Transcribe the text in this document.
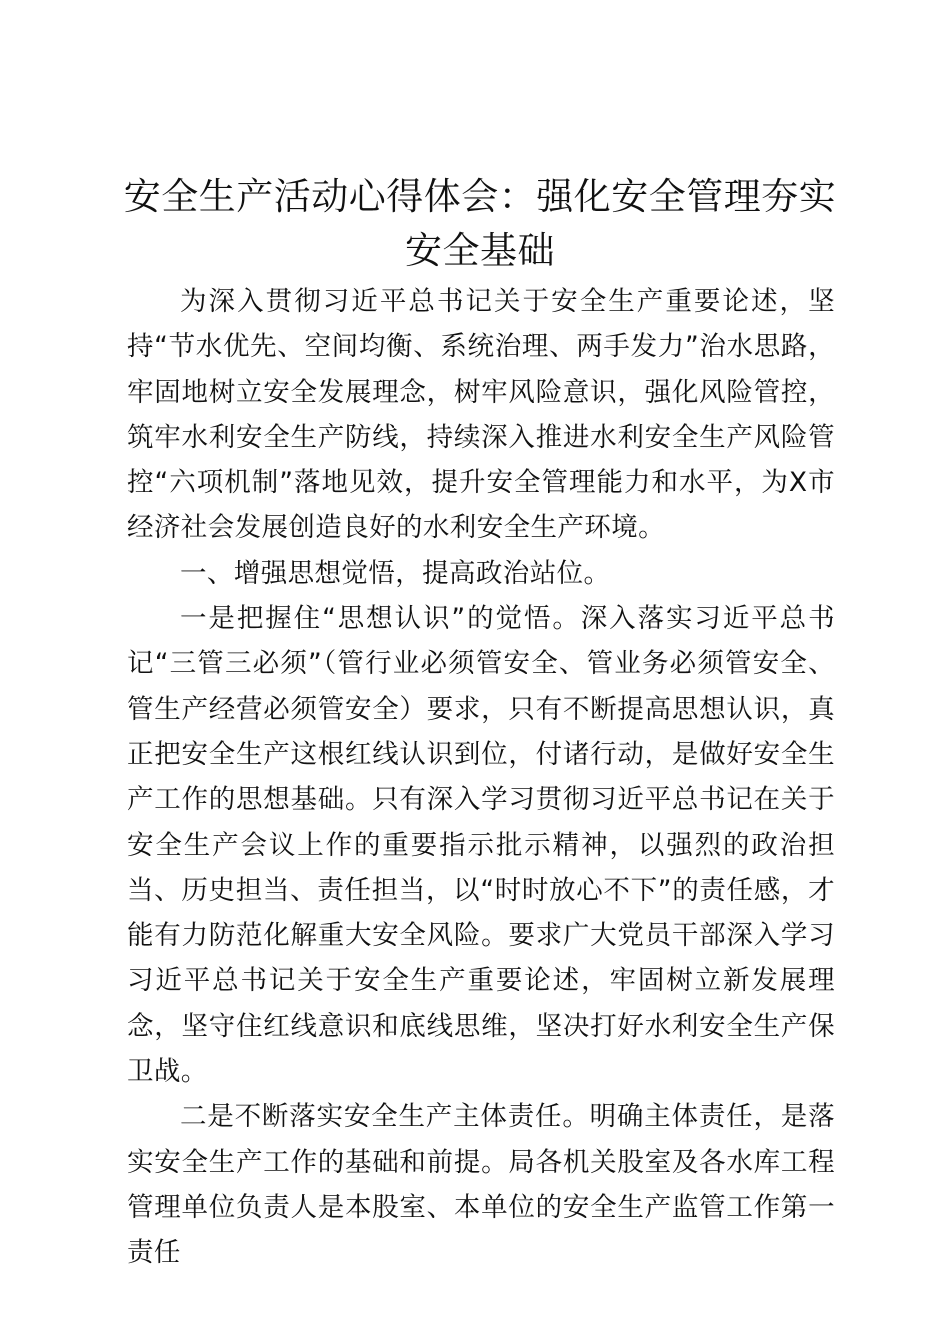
安全生产活动心得体会：强化安全管理夯实安全基础

为深入贯彻习近平总书记关于安全生产重要论述，坚持“节水优先、空间均衡、系统治理、两手发力”治水思路，牢固地树立安全发展理念，树牢风险意识，强化风险管控，筑牢水利安全生产防线，持续深入推进水利安全生产风险管控“六项机制”落地见效，提升安全管理能力和水平，为X市经济社会发展创造良好的水利安全生产环境。

一、增强思想觉悟，提高政治站位。

一是把握住“思想认识”的觉悟。深入落实习近平总书记“三管三必须”（管行业必须管安全、管业务必须管安全、管生产经营必须管安全）要求，只有不断提高思想认识，真正把安全生产这根红线认识到位，付诸行动，是做好安全生产工作的思想基础。只有深入学习贯彻习近平总书记在关于安全生产会议上作的重要指示批示精神，以强烈的政治担当、历史担当、责任担当，以“时时放心不下”的责任感，才能有力防范化解重大安全风险。要求广大党员干部深入学习习近平总书记关于安全生产重要论述，牢固树立新发展理念，坚守住红线意识和底线思维，坚决打好水利安全生产保卫战。

二是不断落实安全生产主体责任。明确主体责任，是落实安全生产工作的基础和前提。局各机关股室及各水库工程管理单位负责人是本股室、本单位的安全生产监管工作第一责任
